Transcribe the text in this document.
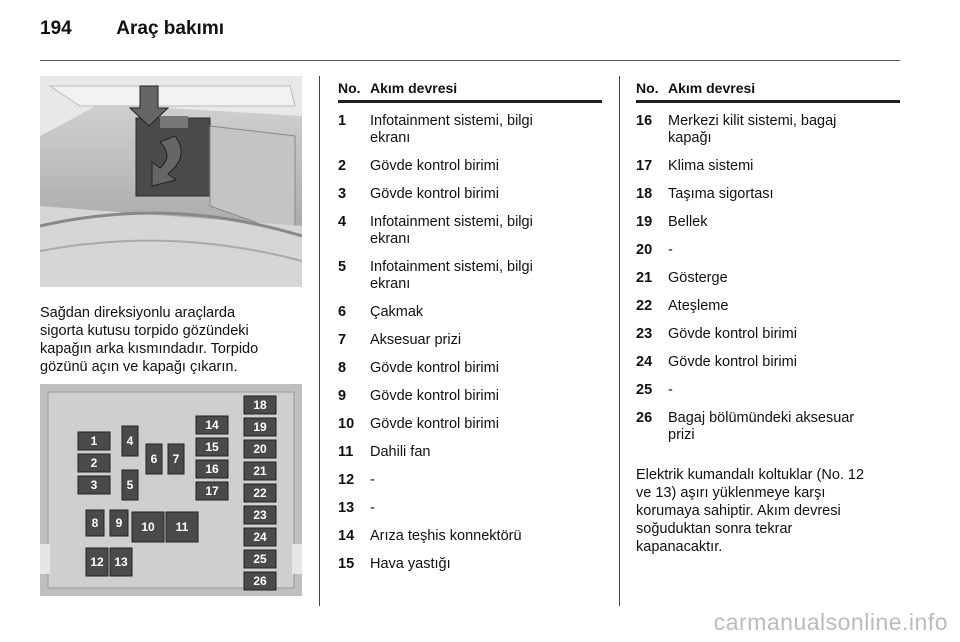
194 Araç bakımı
Sağdan direksiyonlu araçlarda
sigorta kutusu torpido gözündeki
kapağın arka kısmındadır. Torpido
gözünü açın ve kapağı çıkarın.
1
2
3
4
5
6 7
8 9 10 11
12 13
14
15
16
17
18
19
20
21
22
23
24
25
26
No. Akım devresi
1	Infotainment sistemi, bilgi
ekranı
2	Gövde kontrol birimi
3	Gövde kontrol birimi
4	Infotainment sistemi, bilgi
ekranı
5	Infotainment sistemi, bilgi
ekranı
6	Çakmak
7	Aksesuar prizi
8	Gövde kontrol birimi
9	Gövde kontrol birimi
10	Gövde kontrol birimi
11	Dahili fan
12	-
13	-
14	Arıza teşhis konnektörü
15	Hava yastığı
No. Akım devresi
16	Merkezi kilit sistemi, bagaj
kapağı
17	Klima sistemi
18	Taşıma sigortası
19	Bellek
20	-
21	Gösterge
22	Ateşleme
23	Gövde kontrol birimi
24	Gövde kontrol birimi
25	-
26	Bagaj bölümündeki aksesuar
prizi
Elektrik kumandalı koltuklar (No. 12
ve 13) aşırı yüklenmeye karşı
korumaya sahiptir. Akım devresi
soğuduktan sonra tekrar
kapanacaktır.
carmanualsonline.info
